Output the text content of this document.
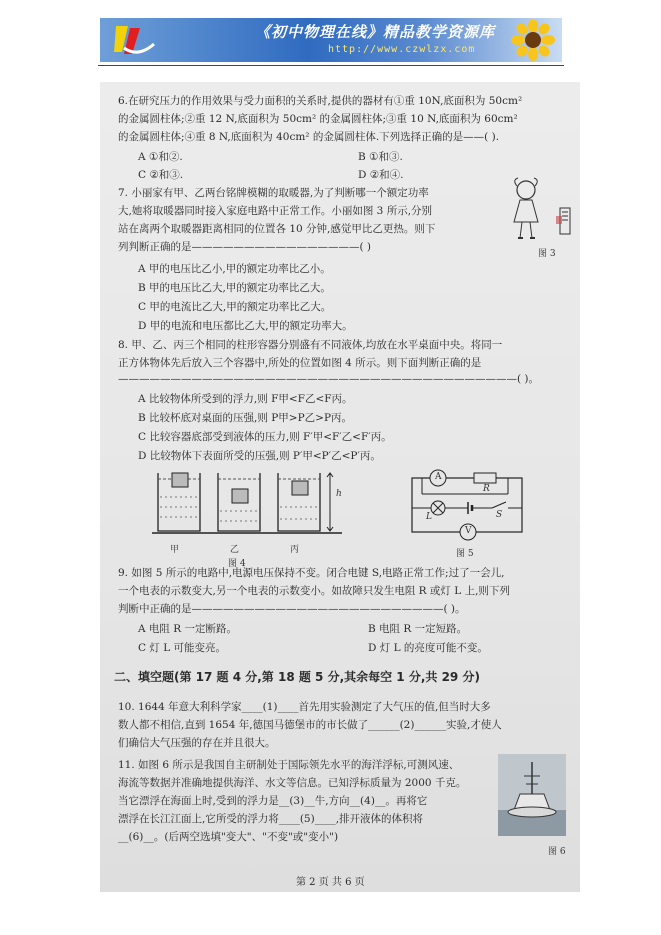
《初中物理在线》精品教学资源库
http://www.czwlzx.com
6.在研究压力的作用效果与受力面积的关系时,提供的器材有①重 10N,底面积为 50cm²
的金属圆柱体;②重 12 N,底面积为 50cm² 的金属圆柱体;③重 10 N,底面积为 60cm²
的金属圆柱体;④重 8 N,底面积为 40cm² 的金属圆柱体.下列选择正确的是——( ).
A ①和②.	B ①和③.
C ②和③.	D ②和④.
7. 小丽家有甲、乙两台铭牌模糊的取暖器,为了判断哪一个额定功率
大,她将取暖器同时接入家庭电路中正常工作。小丽如图 3 所示,分别
站在离两个取暖器距离相同的位置各 10 分钟,感觉甲比乙更热。则下
列判断正确的是————————————————( )
A 甲的电压比乙小,甲的额定功率比乙小。
B 甲的电压比乙大,甲的额定功率比乙大。
C 甲的电流比乙大,甲的额定功率比乙大。
D 甲的电流和电压都比乙大,甲的额定功率大。
图 3
8. 甲、乙、丙三个相同的柱形容器分别盛有不同液体,均放在水平桌面中央。将同一
正方体物体先后放入三个容器中,所处的位置如图 4 所示。则下面判断正确的是
——————————————————————————————————————( )。
A 比较物体所受到的浮力,则 F甲<F乙<F丙。
B 比较杯底对桌面的压强,则 P甲>P乙>P丙。
C 比较容器底部受到液体的压力,则 F′甲<F′乙<F′丙。
D 比较物体下表面所受的压强,则 P′甲<P′乙<P′丙。
h
甲	乙	丙
图 4
A
R
L	S
V
图 5
9. 如图 5 所示的电路中,电源电压保持不变。闭合电键 S,电路正常工作;过了一会儿,
一个电表的示数变大,另一个电表的示数变小。如故障只发生电阻 R 或灯 L 上,则下列
判断中正确的是————————————————————————( )。
A 电阻 R 一定断路。	B 电阻 R 一定短路。
C 灯 L 可能变亮。	D 灯 L 的亮度可能不变。
二、填空题(第 17 题 4 分,第 18 题 5 分,其余每空 1 分,共 29 分)
10. 1644 年意大利科学家____(1)____首先用实验测定了大气压的值,但当时大多
数人都不相信,直到 1654 年,德国马德堡市的市长做了______(2)______实验,才使人
们确信大气压强的存在并且很大。
11. 如图 6 所示是我国自主研制处于国际领先水平的海洋浮标,可测风速、
海流等数据并准确地提供海洋、水文等信息。已知浮标质量为 2000 千克。
当它漂浮在海面上时,受到的浮力是__(3)__牛,方向__(4)__。再将它
漂浮在长江江面上,它所受的浮力将____(5)____,排开液体的体积将
__(6)__。(后两空选填"变大"、"不变"或"变小")
图 6
第 2 页 共 6 页
